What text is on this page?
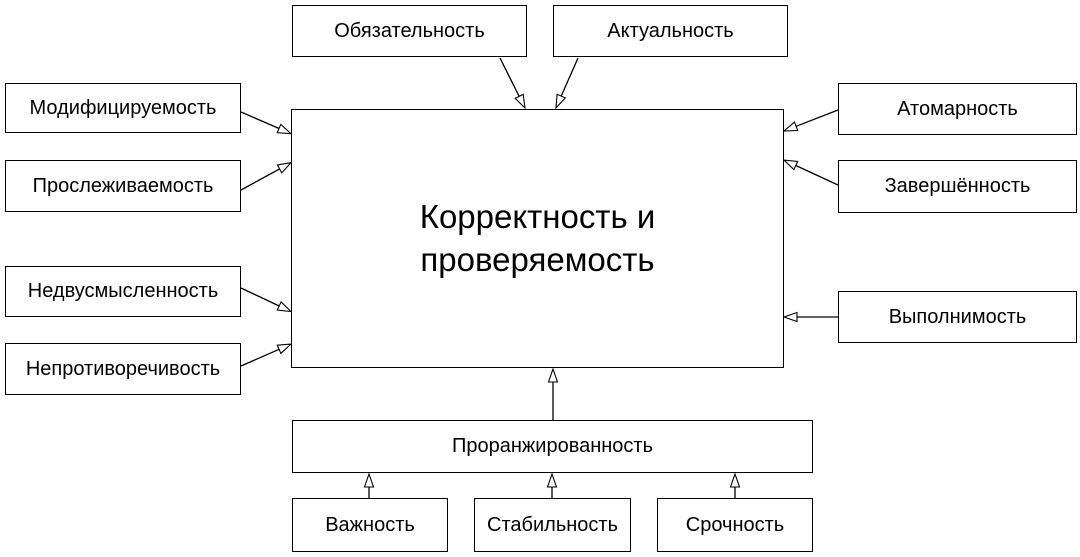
Корректность и проверяемость
Обязательность	Актуальность
Модифицируемость
Прослеживаемость
Недвусмысленность
Непротиворечивость
Атомарность
Завершённость
Выполнимость
Проранжированность
Важность	Стабильность	Срочность
